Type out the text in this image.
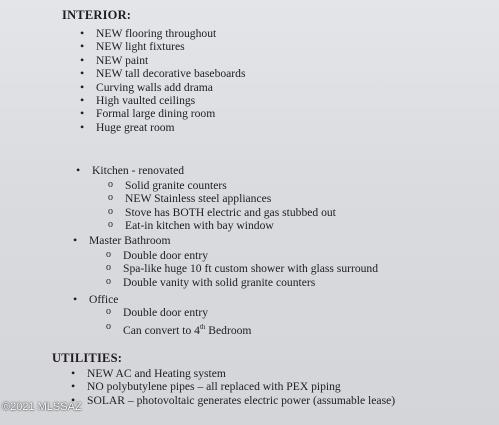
INTERIOR:
• NEW flooring throughout
• NEW light fixtures
• NEW paint
• NEW tall decorative baseboards
• Curving walls add drama
• High vaulted ceilings
• Formal large dining room
• Huge great room
• Kitchen - renovated
o Solid granite counters
o NEW Stainless steel appliances
o Stove has BOTH electric and gas stubbed out
o Eat-in kitchen with bay window
• Master Bathroom
o Double door entry
o Spa-like huge 10 ft custom shower with glass surround
o Double vanity with solid granite counters
• Office
o Double door entry
o Can convert to 4th Bedroom
UTILITIES:
• NEW AC and Heating system
• NO polybutylene pipes – all replaced with PEX piping
• SOLAR – photovoltaic generates electric power (assumable lease)
©2021 MLSSAZ
